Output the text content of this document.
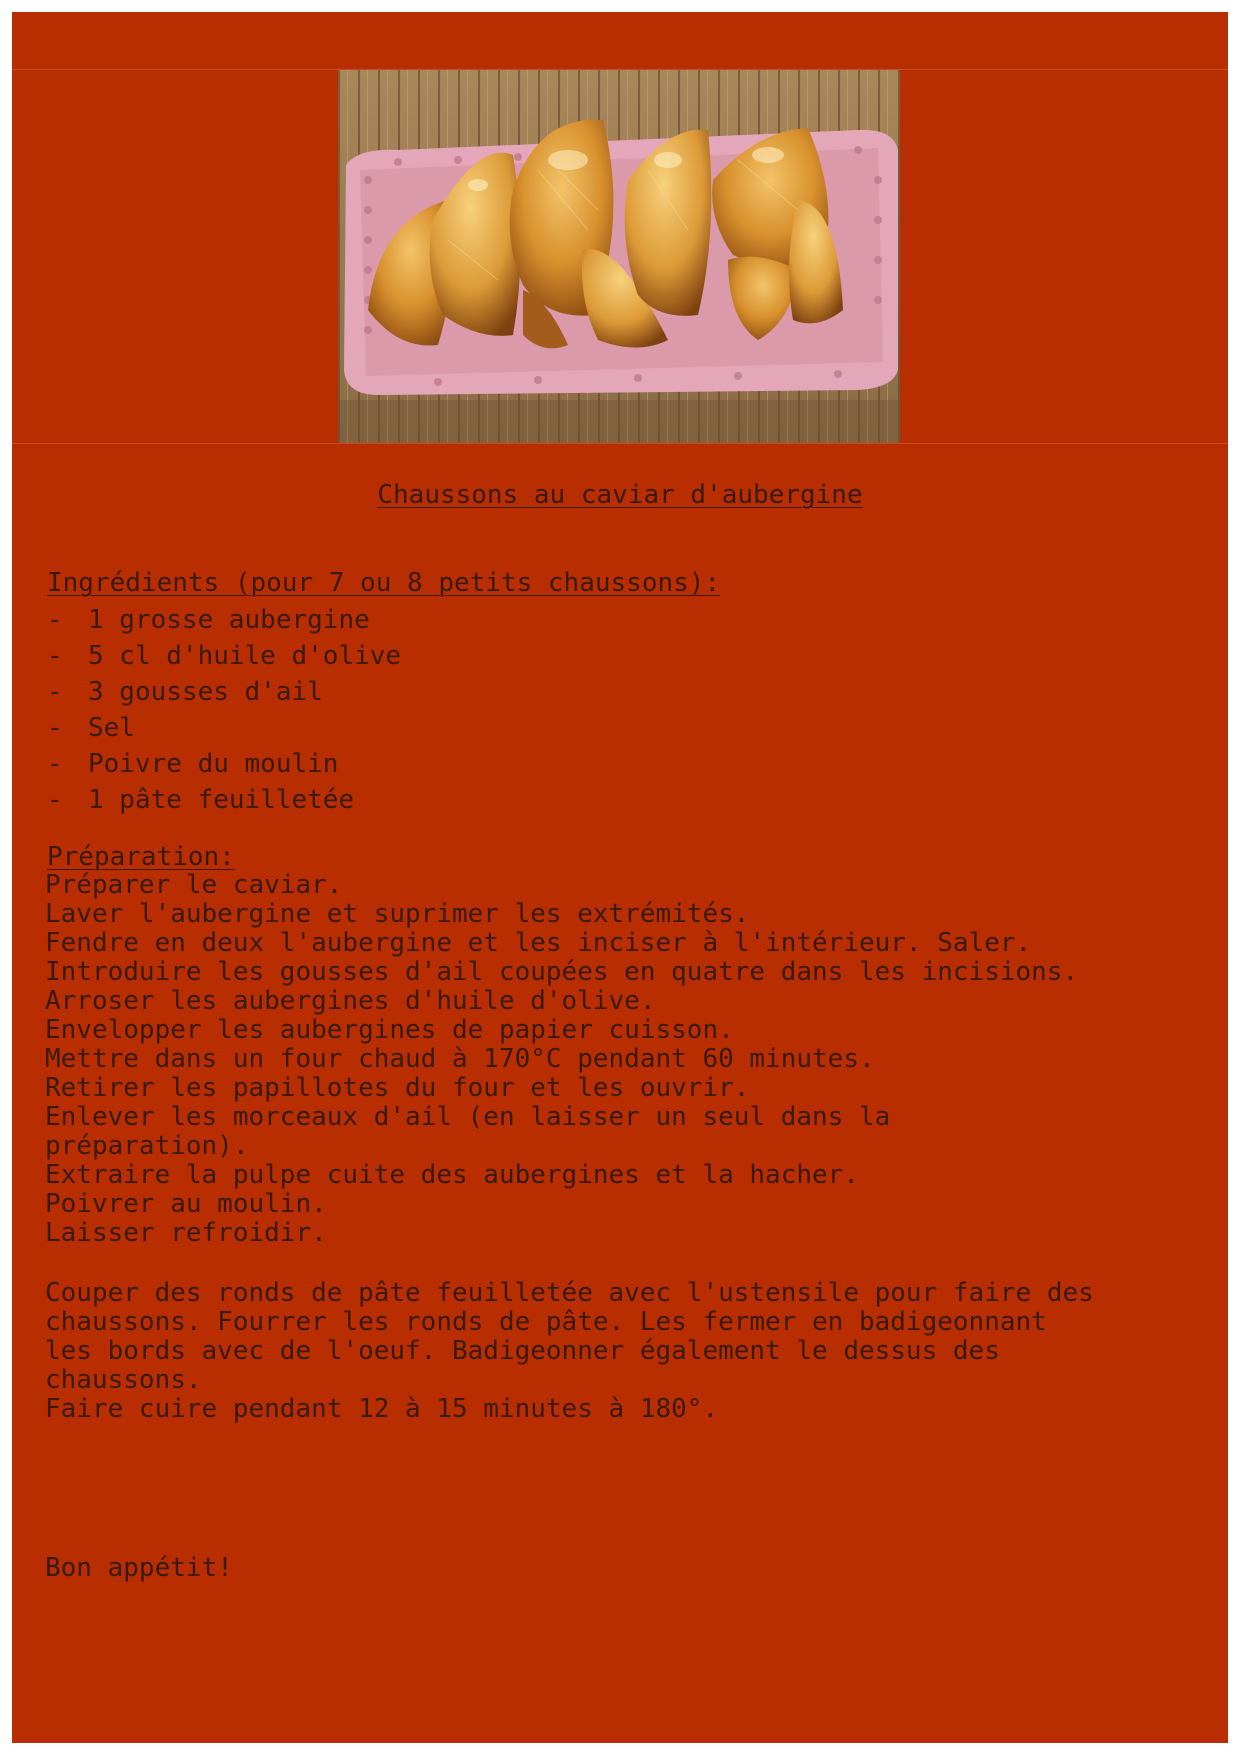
Chaussons au caviar d'aubergine
Ingrédients (pour 7 ou 8 petits chaussons):
- 1 grosse aubergine
- 5 cl d'huile d'olive
- 3 gousses d'ail
- Sel
- Poivre du moulin
- 1 pâte feuilletée
Préparation:
Préparer le caviar.
Laver l'aubergine et suprimer les extrémités.
Fendre en deux l'aubergine et les inciser à l'intérieur. Saler.
Introduire les gousses d'ail coupées en quatre dans les incisions.
Arroser les aubergines d'huile d'olive.
Envelopper les aubergines de papier cuisson.
Mettre dans un four chaud à 170°C pendant 60 minutes.
Retirer les papillotes du four et les ouvrir.
Enlever les morceaux d'ail (en laisser un seul dans la
préparation).
Extraire la pulpe cuite des aubergines et la hacher.
Poivrer au moulin.
Laisser refroidir.
Couper des ronds de pâte feuilletée avec l'ustensile pour faire des
chaussons. Fourrer les ronds de pâte. Les fermer en badigeonnant
les bords avec de l'oeuf. Badigeonner également le dessus des
chaussons.
Faire cuire pendant 12 à 15 minutes à 180°.
Bon appétit!
